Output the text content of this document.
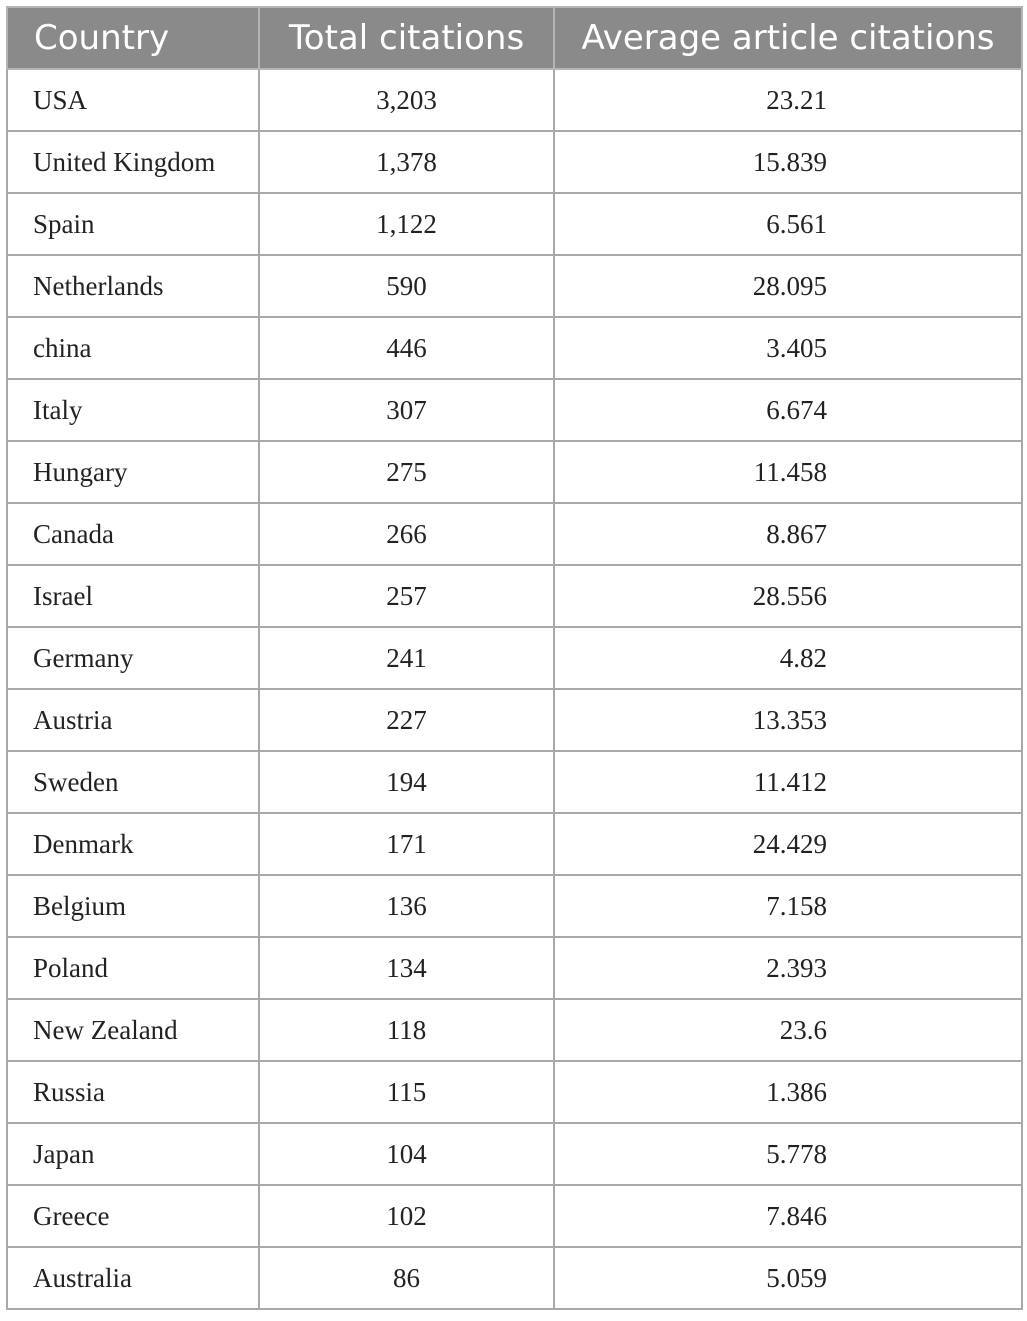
Country	Total citations	Average article citations
USA	3,203	23.21
United Kingdom	1,378	15.839
Spain	1,122	6.561
Netherlands	590	28.095
china	446	3.405
Italy	307	6.674
Hungary	275	11.458
Canada	266	8.867
Israel	257	28.556
Germany	241	4.82
Austria	227	13.353
Sweden	194	11.412
Denmark	171	24.429
Belgium	136	7.158
Poland	134	2.393
New Zealand	118	23.6
Russia	115	1.386
Japan	104	5.778
Greece	102	7.846
Australia	86	5.059
